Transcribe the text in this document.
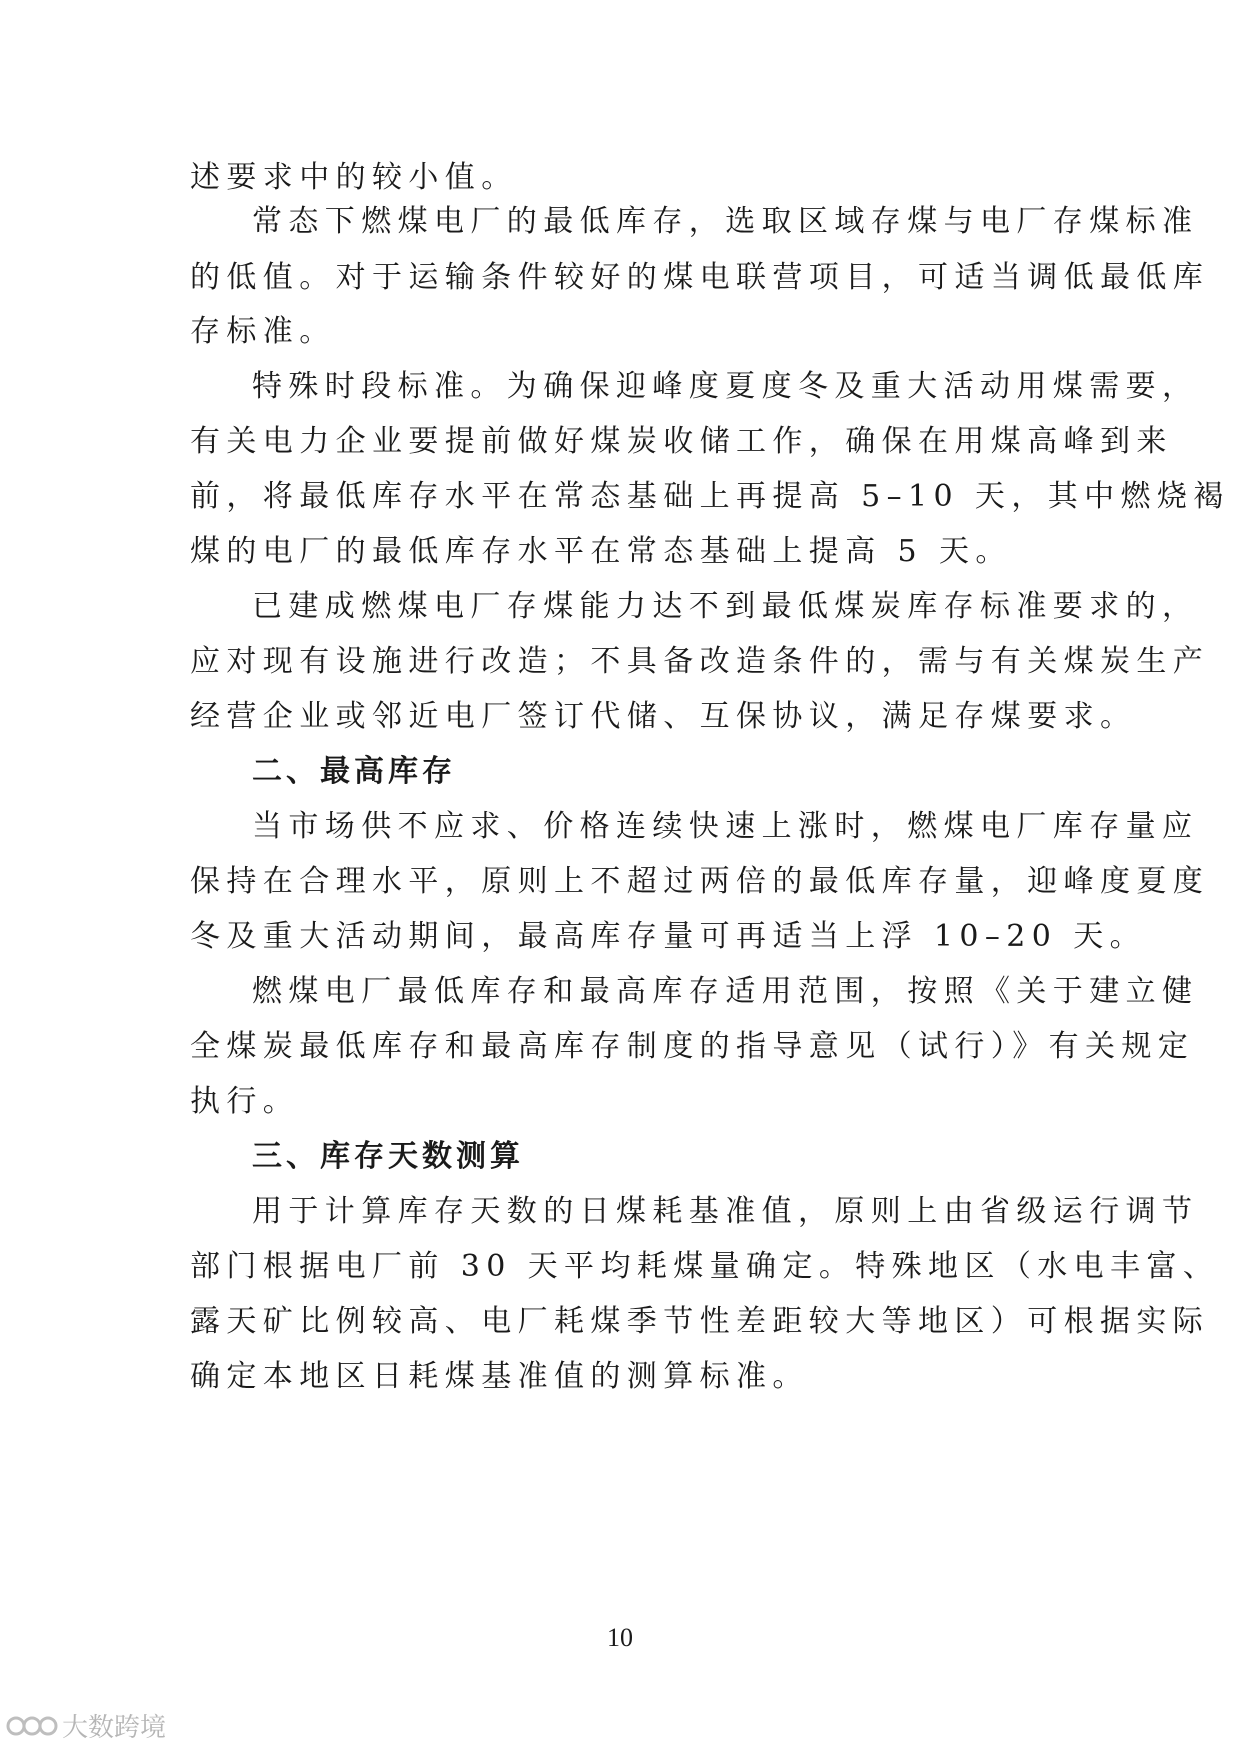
述要求中的较小值。
常态下燃煤电厂的最低库存，选取区域存煤与电厂存煤标准
的低值。对于运输条件较好的煤电联营项目，可适当调低最低库
存标准。
特殊时段标准。为确保迎峰度夏度冬及重大活动用煤需要，
有关电力企业要提前做好煤炭收储工作，确保在用煤高峰到来
前，将最低库存水平在常态基础上再提高 5–10 天，其中燃烧褐
煤的电厂的最低库存水平在常态基础上提高 5 天。
已建成燃煤电厂存煤能力达不到最低煤炭库存标准要求的，
应对现有设施进行改造；不具备改造条件的，需与有关煤炭生产
经营企业或邻近电厂签订代储、互保协议，满足存煤要求。
二、最高库存
当市场供不应求、价格连续快速上涨时，燃煤电厂库存量应
保持在合理水平，原则上不超过两倍的最低库存量，迎峰度夏度
冬及重大活动期间，最高库存量可再适当上浮 10–20 天。
燃煤电厂最低库存和最高库存适用范围，按照《关于建立健
全煤炭最低库存和最高库存制度的指导意见（试行）》有关规定
执行。
三、库存天数测算
用于计算库存天数的日煤耗基准值，原则上由省级运行调节
部门根据电厂前 30 天平均耗煤量确定。特殊地区（水电丰富、
露天矿比例较高、电厂耗煤季节性差距较大等地区）可根据实际
确定本地区日耗煤基准值的测算标准。
10
大数跨境
